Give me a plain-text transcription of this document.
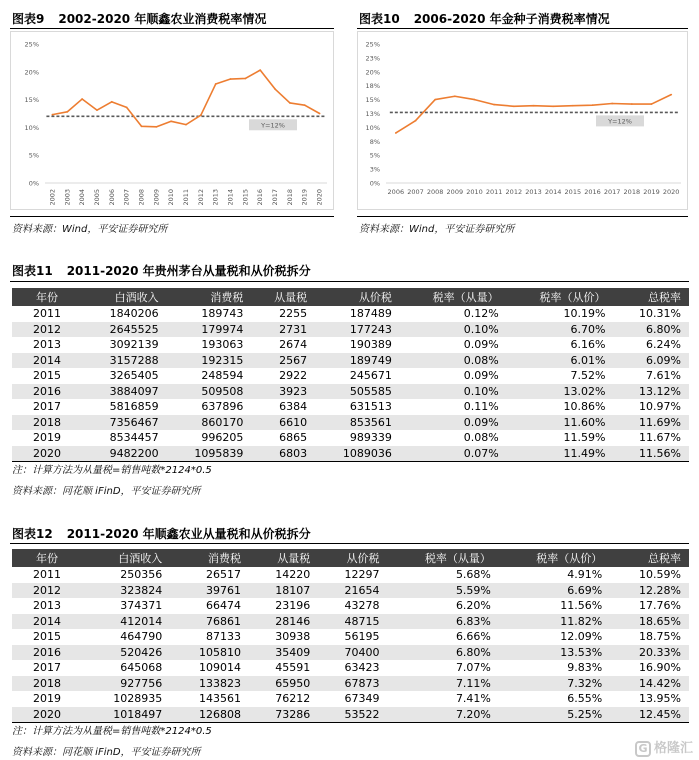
图表9 2002-2020 年顺鑫农业消费税率情况
0%
5%
10%
15%
20%
25%
2002 2003 2004 2005 2006 2007 2008 2009 2010 2011 2012 2013 2014 2015 2016 2017 2018 2019 2020
Y=12%
资料来源：Wind，平安证券研究所
图表10 2006-2020 年金种子消费税率情况
0%
3%
5%
8%
10%
13%
15%
18%
20%
23%
25%
2006 2007 2008 2009 2010 2011 2012 2013 2014 2015 2016 2017 2018 2019 2020
Y=12%
资料来源：Wind，平安证券研究所
图表11 2011-2020 年贵州茅台从量税和从价税拆分
年份	白酒收入	消费税	从量税	从价税	税率（从量）	税率（从价）	总税率
2011	1840206	189743	2255	187489	0.12%	10.19%	10.31%
2012	2645525	179974	2731	177243	0.10%	6.70%	6.80%
2013	3092139	193063	2674	190389	0.09%	6.16%	6.24%
2014	3157288	192315	2567	189749	0.08%	6.01%	6.09%
2015	3265405	248594	2922	245671	0.09%	7.52%	7.61%
2016	3884097	509508	3923	505585	0.10%	13.02%	13.12%
2017	5816859	637896	6384	631513	0.11%	10.86%	10.97%
2018	7356467	860170	6610	853561	0.09%	11.60%	11.69%
2019	8534457	996205	6865	989339	0.08%	11.59%	11.67%
2020	9482200	1095839	6803	1089036	0.07%	11.49%	11.56%
注：计算方法为从量税=销售吨数*2124*0.5
资料来源：同花顺 iFinD，平安证券研究所
图表12 2011-2020 年顺鑫农业从量税和从价税拆分
年份	白酒收入	消费税	从量税	从价税	税率（从量）	税率（从价）	总税率
2011	250356	26517	14220	12297	5.68%	4.91%	10.59%
2012	323824	39761	18107	21654	5.59%	6.69%	12.28%
2013	374371	66474	23196	43278	6.20%	11.56%	17.76%
2014	412014	76861	28146	48715	6.83%	11.82%	18.65%
2015	464790	87133	30938	56195	6.66%	12.09%	18.75%
2016	520426	105810	35409	70400	6.80%	13.53%	20.33%
2017	645068	109014	45591	63423	7.07%	9.83%	16.90%
2018	927756	133823	65950	67873	7.11%	7.32%	14.42%
2019	1028935	143561	76212	67349	7.41%	6.55%	13.95%
2020	1018497	126808	73286	53522	7.20%	5.25%	12.45%
注：计算方法为从量税=销售吨数*2124*0.5
资料来源：同花顺 iFinD，平安证券研究所	G 格隆汇
